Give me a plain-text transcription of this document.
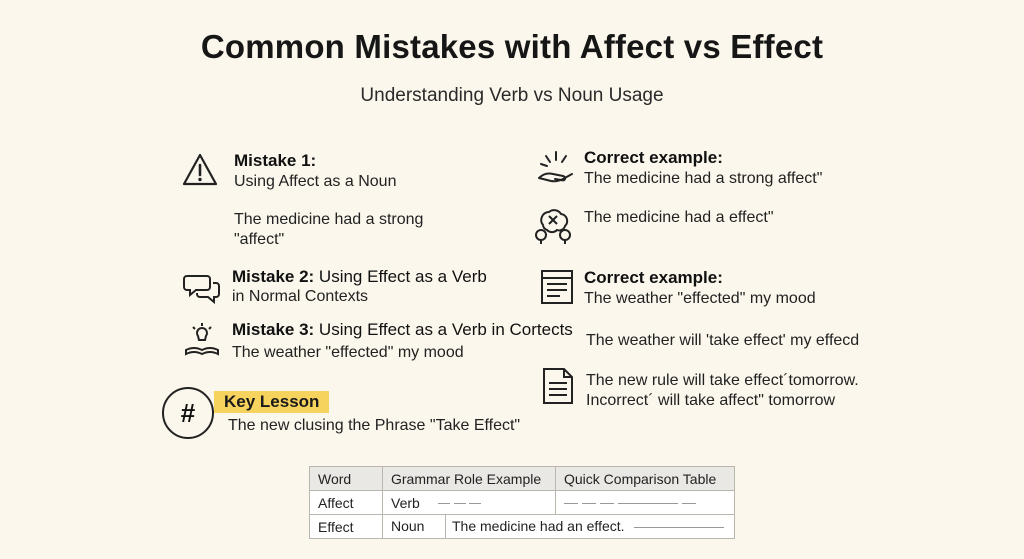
Common Mistakes with Affect vs Effect
Understanding Verb vs Noun Usage
Mistake 1:
Using Affect as a Noun
The medicine had a strong
"affect"
Mistake 2: Using Effect as a Verb
in Normal Contexts
Mistake 3: Using Effect as a Verb in Cortects
The weather "effected" my mood
#	Key Lesson
The new clusing the Phrase "Take Effect"
Correct example:
The medicine had a strong affect"
The medicine had a effect"
Correct example:
The weather "effected" my mood
The weather will 'take effect' my effecd
The new rule will take effect´tomorrow.
Incorrect´ will take affect" tomorrow
Word	Grammar Role Example	Quick Comparison Table
Affect	Verb	
Effect	Noun The medicine had an effect.	
